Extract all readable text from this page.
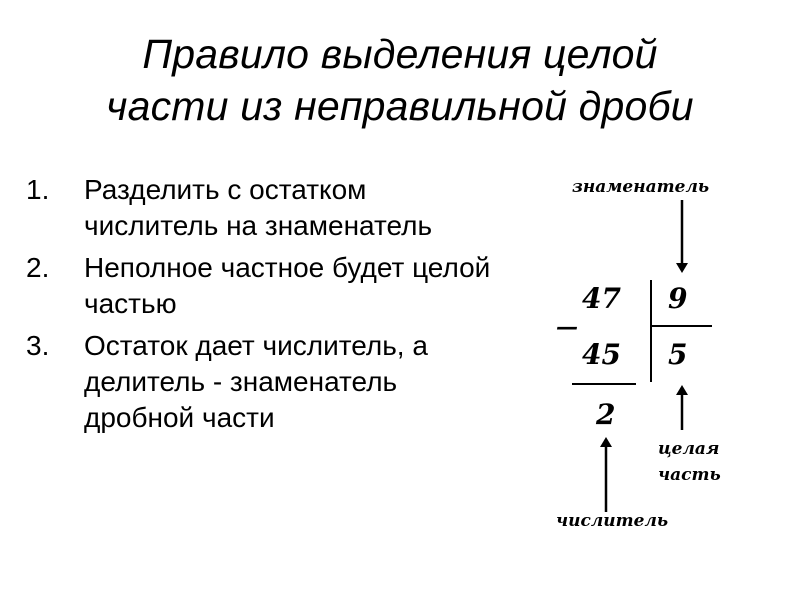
Правило выделения целой
части из неправильной дроби
1.	Разделить с остатком числитель на знаменатель
2.	Неполное частное будет целой частью
3.	Остаток дает числитель, а делитель - знаменатель дробной части
знаменатель
47 9
—
45 5
2
целая
часть
числитель
